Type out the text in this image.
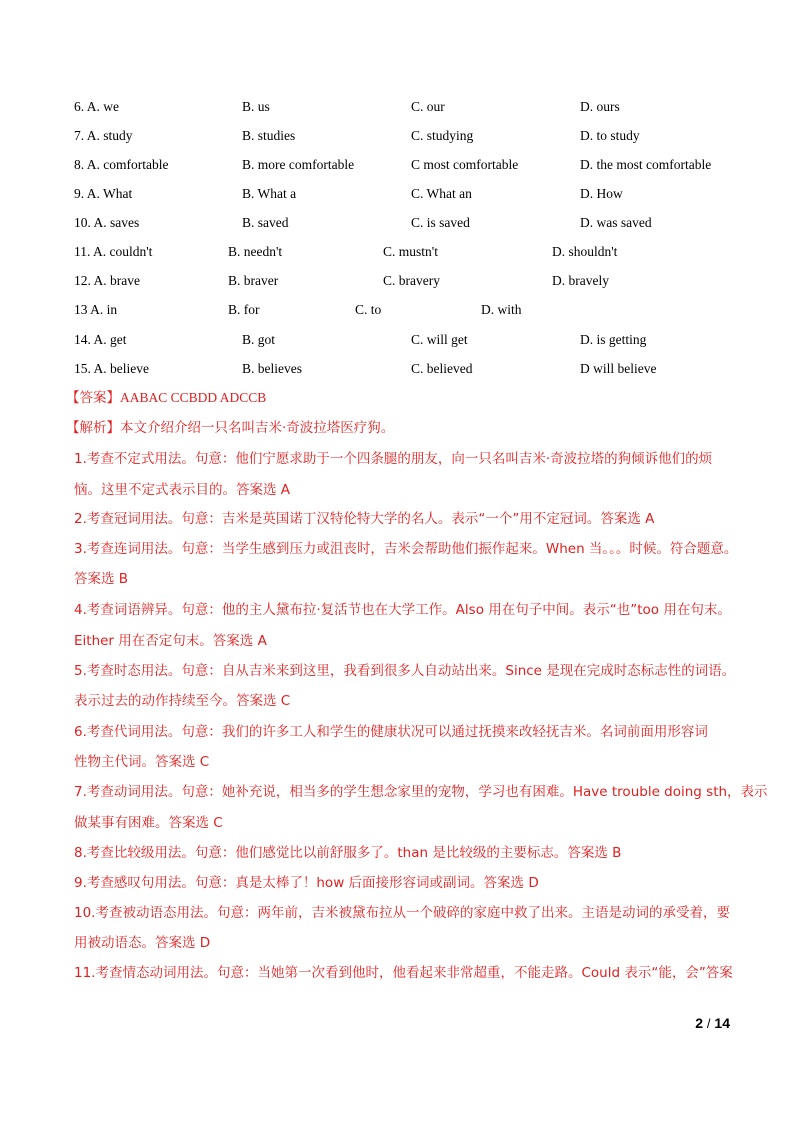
6. A. we	B. us	C. our	D. ours
7. A. study	B. studies	C. studying	D. to study
8. A. comfortable	B. more comfortable	C most comfortable	D. the most comfortable
9. A. What	B. What a	C. What an	D. How
10. A. saves	B. saved	C. is saved	D. was saved
11. A. couldn't	B. needn't	C. mustn't	D. shouldn't
12. A. brave	B. braver	C. bravery	D. bravely
13 A. in	B. for	C. to	D. with
14. A. get	B. got	C. will get	D. is getting
15. A. believe	B. believes	C. believed	D will believe
【答案】AABAC CCBDD ADCCB
【解析】本文介绍介绍一只名叫吉米·奇波拉塔医疗狗。
1.考查不定式用法。句意：他们宁愿求助于一个四条腿的朋友，向一只名叫吉米·奇波拉塔的狗倾诉他们的烦
恼。这里不定式表示目的。答案选 A
2.考查冠词用法。句意：吉米是英国诺丁汉特伦特大学的名人。表示“一个”用不定冠词。答案选 A
3.考查连词用法。句意：当学生感到压力或沮丧时，吉米会帮助他们振作起来。When 当。。。时候。符合题意。
答案选 B
4.考查词语辨异。句意：他的主人黛布拉·复活节也在大学工作。Also 用在句子中间。表示“也”too 用在句末。
Either 用在否定句末。答案选 A
5.考查时态用法。句意：自从吉米来到这里，我看到很多人自动站出来。Since 是现在完成时态标志性的词语。
表示过去的动作持续至今。答案选 C
6.考查代词用法。句意：我们的许多工人和学生的健康状况可以通过抚摸来改轻抚吉米。名词前面用形容词
性物主代词。答案选 C
7.考查动词用法。句意：她补充说，相当多的学生想念家里的宠物，学习也有困难。Have trouble doing sth，表示
做某事有困难。答案选 C
8.考查比较级用法。句意：他们感觉比以前舒服多了。than 是比较级的主要标志。答案选 B
9.考查感叹句用法。句意：真是太棒了！how 后面接形容词或副词。答案选 D
10.考查被动语态用法。句意：两年前，吉米被黛布拉从一个破碎的家庭中救了出来。主语是动词的承受着，要
用被动语态。答案选 D
11.考查情态动词用法。句意：当她第一次看到他时，他看起来非常超重，不能走路。Could 表示“能，会”答案
2 / 14
